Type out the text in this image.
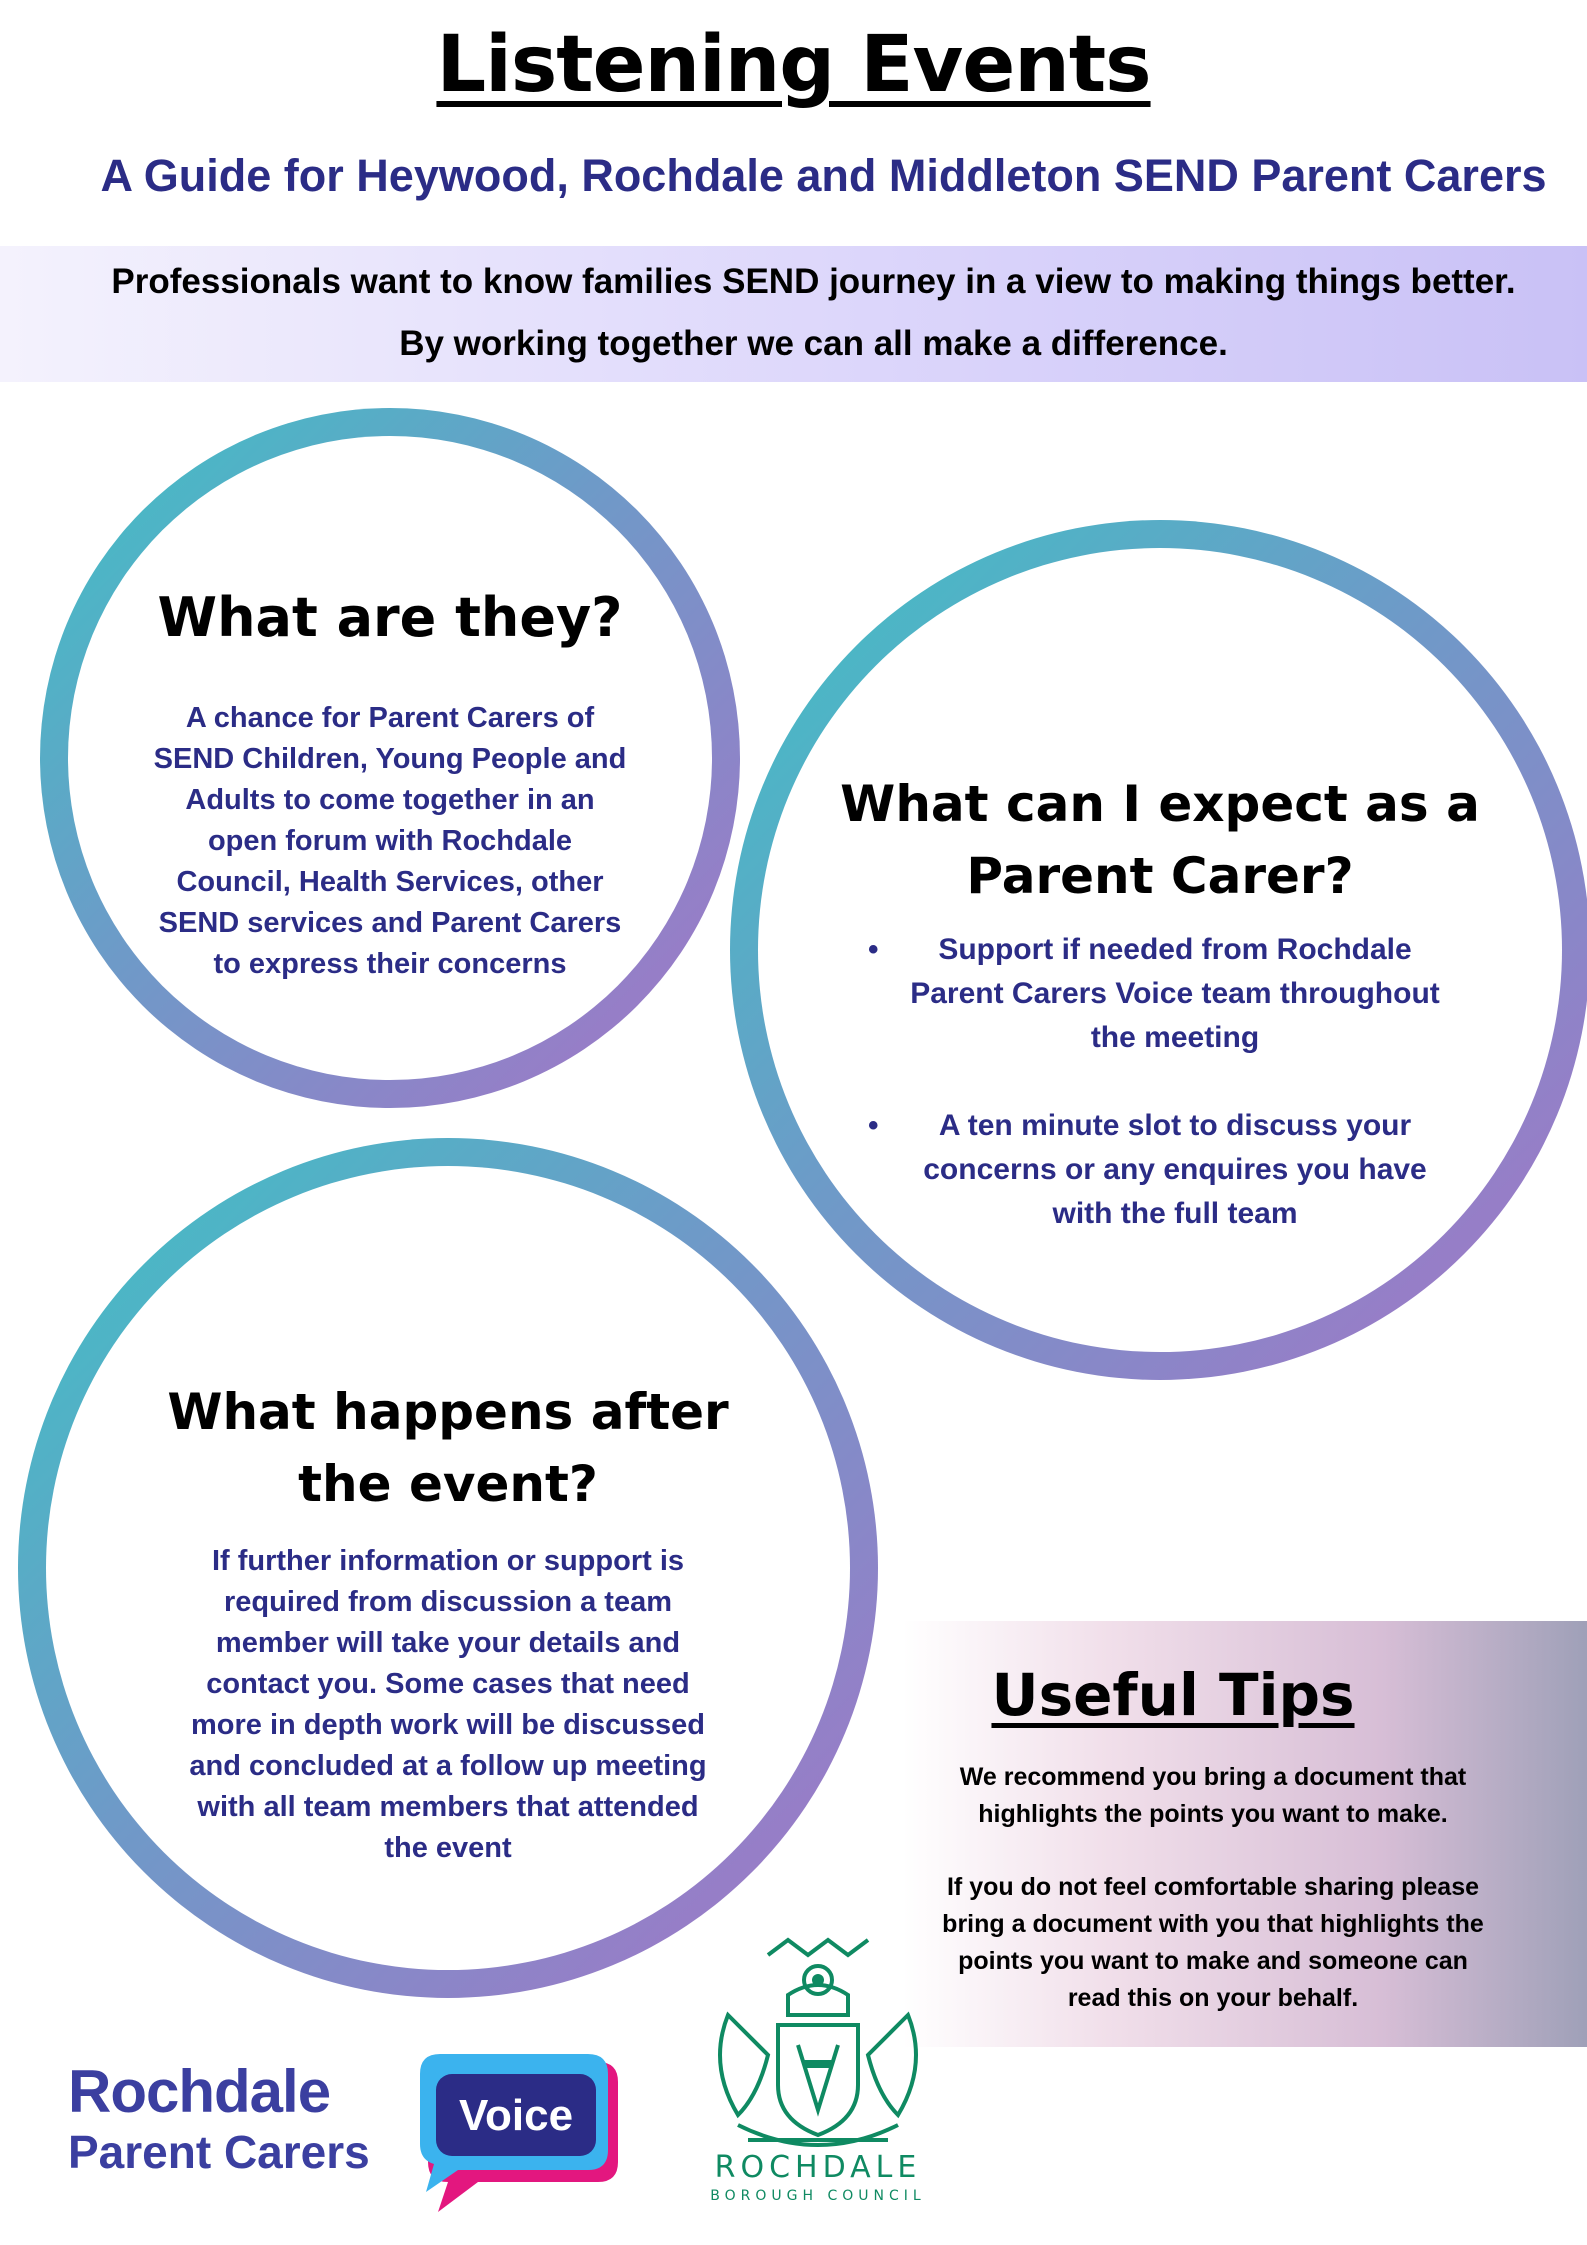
Listening Events
A Guide for Heywood, Rochdale and Middleton SEND Parent Carers

Professionals want to know families SEND journey in a view to making things better.

By working together we can all make a difference.

What are they?
A chance for Parent Carers of SEND Children, Young People and Adults to come together in an open forum with Rochdale Council, Health Services, other SEND services and Parent Carers to express their concerns
What can I expect as a Parent Carer?
• Support if needed from Rochdale Parent Carers Voice team throughout the meeting
• A ten minute slot to discuss your concerns or any enquires you have with the full team
What happens after the event?
If further information or support is required from discussion a team member will take your details and contact you. Some cases that need more in depth work will be discussed and concluded at a follow up meeting with all team members that attended the event
Useful Tips
We recommend you bring a document that highlights the points you want to make.
If you do not feel comfortable sharing please bring a document with you that highlights the points you want to make and someone can read this on your behalf.
Rochdale
Parent Carers
Voice
ROCHDALE
BOROUGH COUNCIL
